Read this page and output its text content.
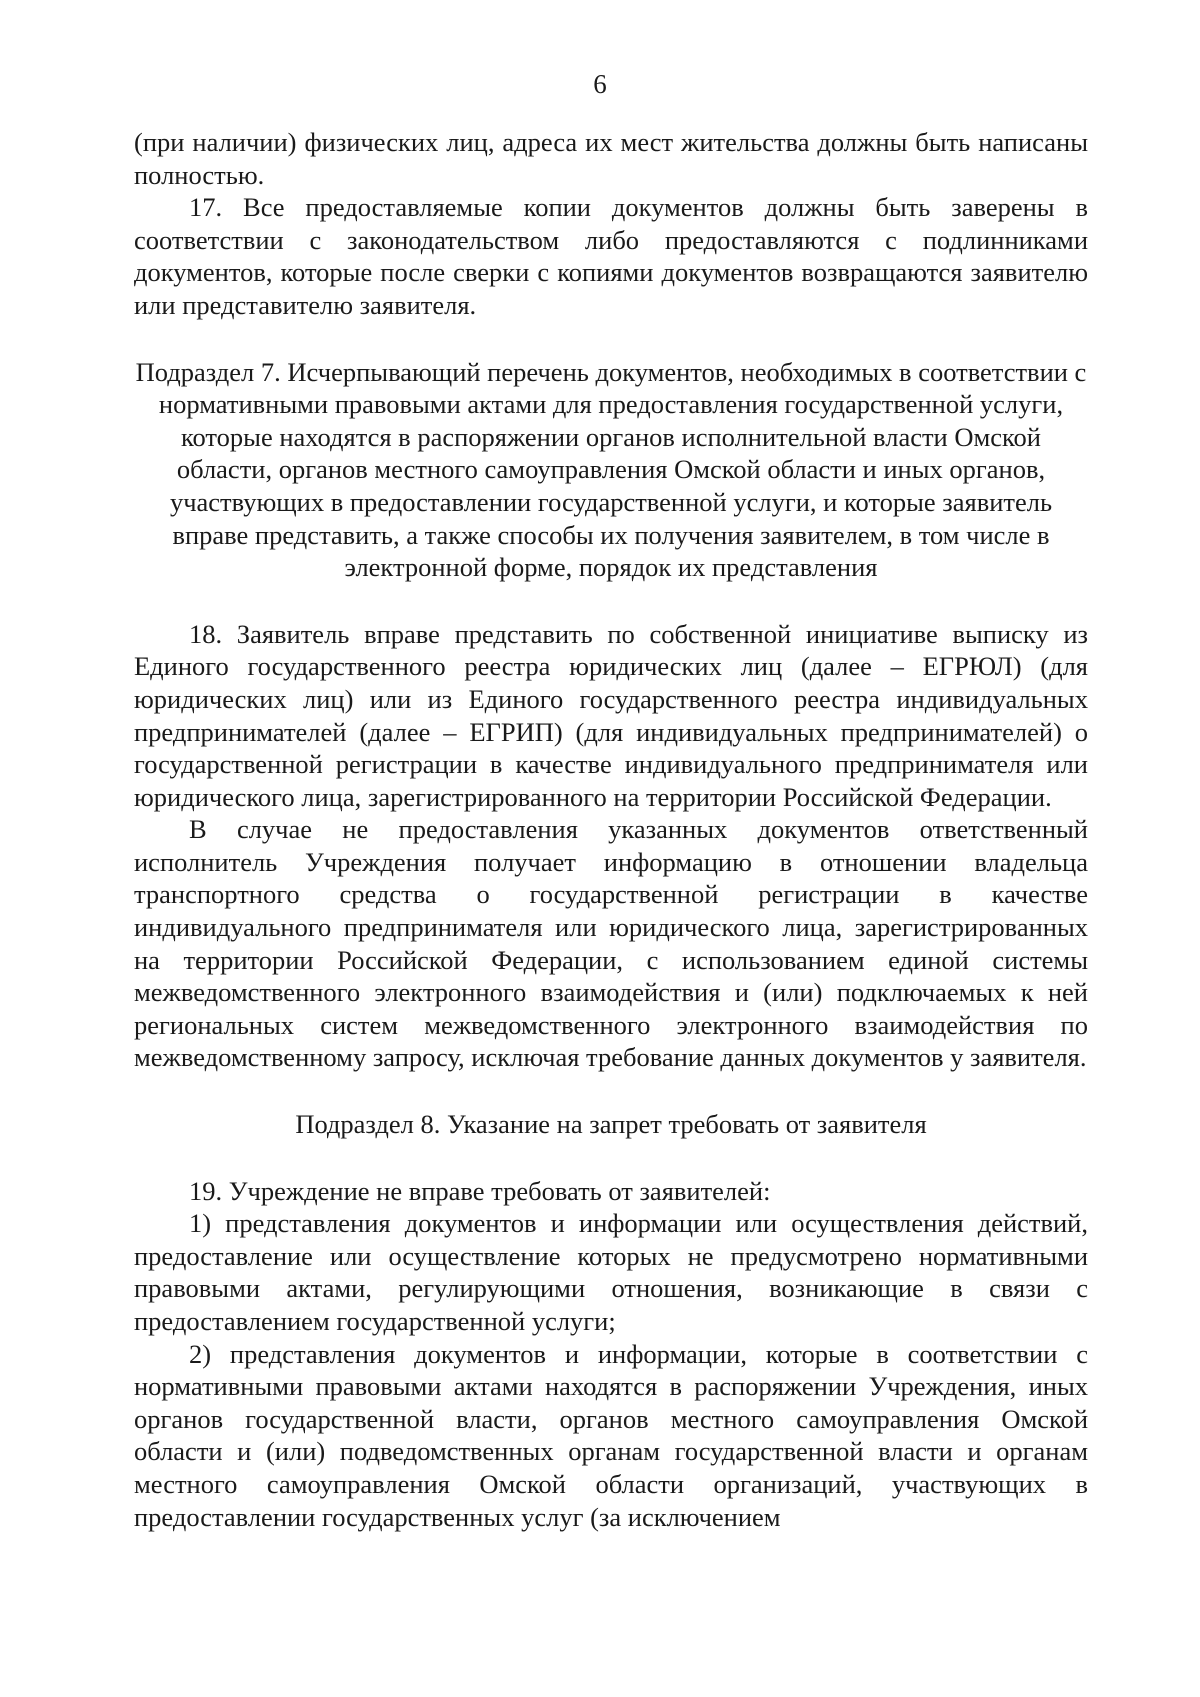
6

(при наличии) физических лиц, адреса их мест жительства должны быть написаны полностью.

17. Все предоставляемые копии документов должны быть заверены в соответствии с законодательством либо предоставляются с подлинниками документов, которые после сверки с копиями документов возвращаются заявителю или представителю заявителя.

Подраздел 7. Исчерпывающий перечень документов, необходимых в соответствии с нормативными правовыми актами для предоставления государственной услуги, которые находятся в распоряжении органов исполнительной власти Омской области, органов местного самоуправления Омской области и иных органов, участвующих в предоставлении государственной услуги, и которые заявитель вправе представить, а также способы их получения заявителем, в том числе в электронной форме, порядок их представления

18. Заявитель вправе представить по собственной инициативе выписку из Единого государственного реестра юридических лиц (далее – ЕГРЮЛ) (для юридических лиц) или из Единого государственного реестра индивидуальных предпринимателей (далее – ЕГРИП) (для индивидуальных предпринимателей) о государственной регистрации в качестве индивидуального предпринимателя или юридического лица, зарегистрированного на территории Российской Федерации.

В случае не предоставления указанных документов ответственный исполнитель Учреждения получает информацию в отношении владельца транспортного средства о государственной регистрации в качестве индивидуального предпринимателя или юридического лица, зарегистрированных на территории Российской Федерации, с использованием единой системы межведомственного электронного взаимодействия и (или) подключаемых к ней региональных систем межведомственного электронного взаимодействия по межведомственному запросу, исключая требование данных документов у заявителя.

Подраздел 8. Указание на запрет требовать от заявителя

19. Учреждение не вправе требовать от заявителей:

1) представления документов и информации или осуществления действий, предоставление или осуществление которых не предусмотрено нормативными правовыми актами, регулирующими отношения, возникающие в связи с предоставлением государственной услуги;

2) представления документов и информации, которые в соответствии с нормативными правовыми актами находятся в распоряжении Учреждения, иных органов государственной власти, органов местного самоуправления Омской области и (или) подведомственных органам государственной власти и органам местного самоуправления Омской области организаций, участвующих в предоставлении государственных услуг (за исключением
